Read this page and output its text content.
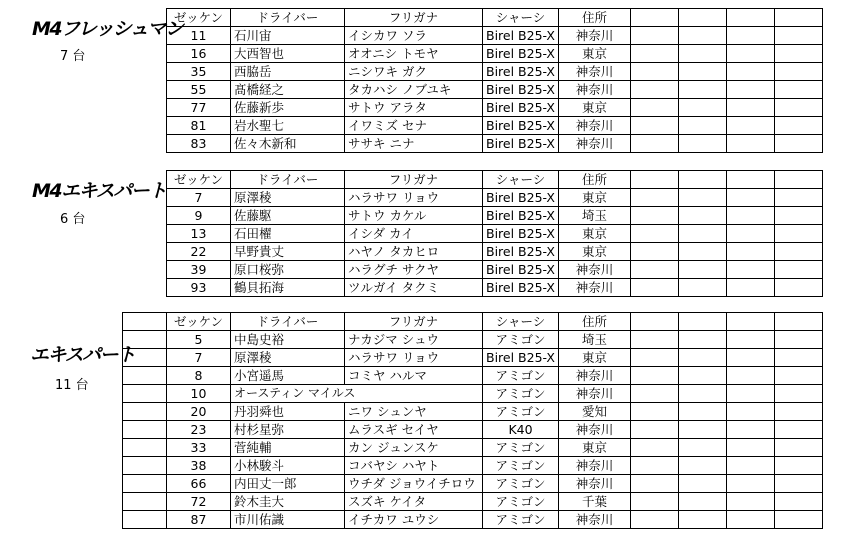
M4フレッシュマン
7 台
ゼッケン	ドライバー	フリガナ	シャーシ	住所				
11	石川宙	イシカワ ソラ	Birel B25-X	神奈川				
16	大西智也	オオニシ トモヤ	Birel B25-X	東京				
35	西脇岳	ニシワキ ガク	Birel B25-X	神奈川				
55	髙橋経之	タカハシ ノブユキ	Birel B25-X	神奈川				
77	佐藤新歩	サトウ アラタ	Birel B25-X	東京				
81	岩水聖七	イワミズ セナ	Birel B25-X	神奈川				
83	佐々木新和	ササキ ニナ	Birel B25-X	神奈川				
M4エキスパート
6 台
ゼッケン	ドライバー	フリガナ	シャーシ	住所				
7	原澤稜	ハラサワ リョウ	Birel B25-X	東京				
9	佐藤駆	サトウ カケル	Birel B25-X	埼玉				
13	石田櫂	イシダ カイ	Birel B25-X	東京				
22	早野貴丈	ハヤノ タカヒロ	Birel B25-X	東京				
39	原口桜弥	ハラグチ サクヤ	Birel B25-X	神奈川				
93	鶴貝拓海	ツルガイ タクミ	Birel B25-X	神奈川				
エキスパート
11 台
	ゼッケン	ドライバー	フリガナ	シャーシ	住所				
	5	中島史裕	ナカジマ シュウ	アミゴン	埼玉				
	7	原澤稜	ハラサワ リョウ	Birel B25-X	東京				
	8	小宮遥馬	コミヤ ハルマ	アミゴン	神奈川				
	10	オースティン マイルス		アミゴン	神奈川				
	20	丹羽舜也	ニワ シュンヤ	アミゴン	愛知				
	23	村杉星弥	ムラスギ セイヤ	K40	神奈川				
	33	菅純輔	カン ジュンスケ	アミゴン	東京				
	38	小林駿斗	コバヤシ ハヤト	アミゴン	神奈川				
	66	内田丈一郎	ウチダ ジョウイチロウ	アミゴン	神奈川				
	72	鈴木圭大	スズキ ケイタ	アミゴン	千葉				
	87	市川佑識	イチカワ ユウシ	アミゴン	神奈川				
